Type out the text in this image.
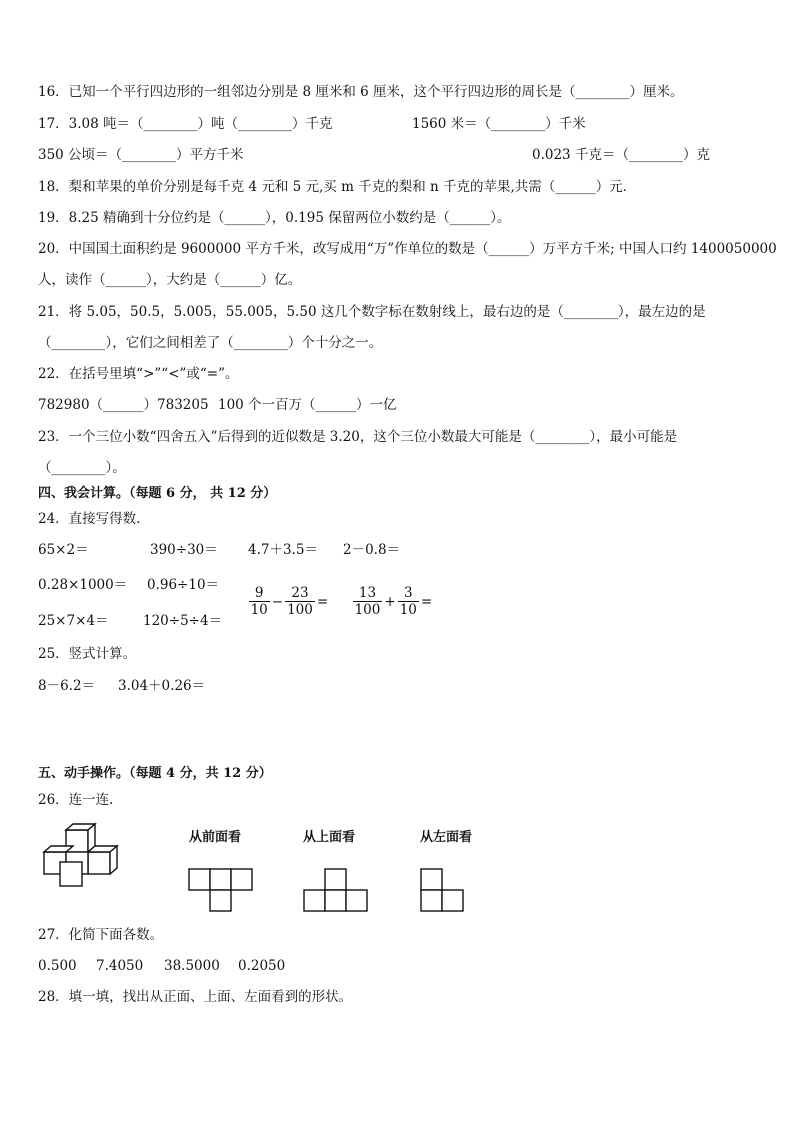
16．已知一个平行四边形的一组邻边分别是 8 厘米和 6 厘米，这个平行四边形的周长是（________）厘米。
17．3.08 吨＝（________）吨（________）千克	1560 米＝（________）千米
350 公顷＝（________）平方千米	0.023 千克＝（________）克
18．梨和苹果的单价分别是每千克 4 元和 5 元,买 m 千克的梨和 n 千克的苹果,共需（______）元．
19．8.25 精确到十分位约是（______），0.195 保留两位小数约是（______）。
20．中国国土面积约是 9600000 平方千米，改写成用“万”作单位的数是（______）万平方千米; 中国人口约 1400050000
人，读作（______），大约是（______）亿。
21．将 5.05，50.5，5.005，55.005，5.50 这几个数字标在数射线上，最右边的是（________），最左边的是
（________），它们之间相差了（________）个十分之一。
22．在括号里填“>”“<”或“=”。
782980（______）783205 100 个一百万（______）一亿
23．一个三位小数“四舍五入”后得到的近似数是 3.20，这个三位小数最大可能是（________），最小可能是
（________）。
四、我会计算。（每题 6 分， 共 12 分）
24．直接写得数.
65×2＝	390÷30＝ 4.7＋3.5＝ 2－0.8＝
0.28×1000＝ 0.96÷10＝

$\frac{9}{10} - \frac{23}{100}$ =

$\frac{13}{100} + \frac{3}{10}$ =

25×7×4＝	120÷5÷4＝
25．竖式计算。
8－6.2＝ 3.04＋0.26＝
五、动手操作。（每题 4 分，共 12 分）
26．连一连.
从前面看	从上面看	从左面看
27．化简下面各数。
0.500 7.4050 38.5000 0.2050
28．填一填，找出从正面、上面、左面看到的形状。
